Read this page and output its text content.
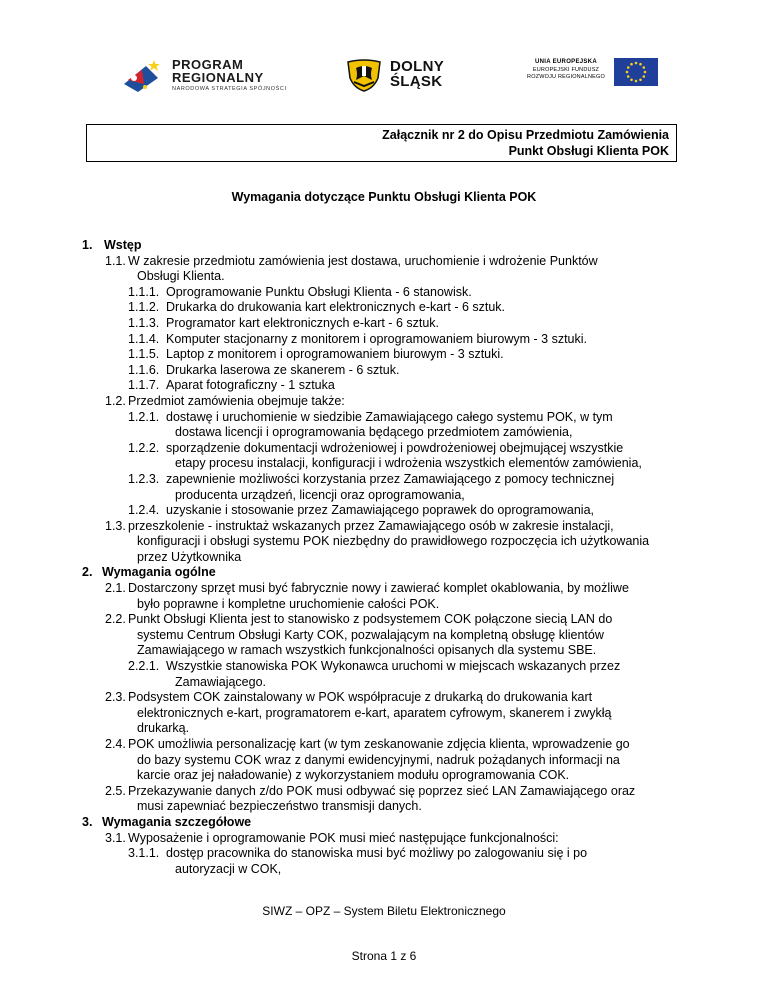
PROGRAM
REGIONALNY
NARODOWA STRATEGIA SPÓJNOŚCI
DOLNY
ŚLĄSK
UNIA EUROPEJSKA
EUROPEJSKI FUNDUSZ
ROZWOJU REGIONALNEGO
Załącznik nr 2 do Opisu Przedmiotu Zamówienia
Punkt Obsługi Klienta POK
Wymagania dotyczące Punktu Obsługi Klienta POK
1. Wstęp
1.1. W zakresie przedmiotu zamówienia jest dostawa, uruchomienie i wdrożenie Punktów
Obsługi Klienta.
1.1.1. Oprogramowanie Punktu Obsługi Klienta - 6 stanowisk.
1.1.2. Drukarka do drukowania kart elektronicznych e-kart - 6 sztuk.
1.1.3. Programator kart elektronicznych e-kart - 6 sztuk.
1.1.4. Komputer stacjonarny z monitorem i oprogramowaniem biurowym - 3 sztuki.
1.1.5. Laptop z monitorem i oprogramowaniem biurowym - 3 sztuki.
1.1.6. Drukarka laserowa ze skanerem - 6 sztuk.
1.1.7. Aparat fotograficzny - 1 sztuka
1.2. Przedmiot zamówienia obejmuje także:
1.2.1. dostawę i uruchomienie w siedzibie Zamawiającego całego systemu POK, w tym
dostawa licencji i oprogramowania będącego przedmiotem zamówienia,
1.2.2. sporządzenie dokumentacji wdrożeniowej i powdrożeniowej obejmującej wszystkie
etapy procesu instalacji, konfiguracji i wdrożenia wszystkich elementów zamówienia,
1.2.3. zapewnienie możliwości korzystania przez Zamawiającego z pomocy technicznej
producenta urządzeń, licencji oraz oprogramowania,
1.2.4. uzyskanie i stosowanie przez Zamawiającego poprawek do oprogramowania,
1.3. przeszkolenie - instruktaż wskazanych przez Zamawiającego osób w zakresie instalacji,
konfiguracji i obsługi systemu POK niezbędny do prawidłowego rozpoczęcia ich użytkowania
przez Użytkownika
2. Wymagania ogólne
2.1. Dostarczony sprzęt musi być fabrycznie nowy i zawierać komplet okablowania, by możliwe
było poprawne i kompletne uruchomienie całości POK.
2.2. Punkt Obsługi Klienta jest to stanowisko z podsystemem COK połączone siecią LAN do
systemu Centrum Obsługi Karty COK, pozwalającym na kompletną obsługę klientów
Zamawiającego w ramach wszystkich funkcjonalności opisanych dla systemu SBE.
2.2.1. Wszystkie stanowiska POK Wykonawca uruchomi w miejscach wskazanych przez
Zamawiającego.
2.3. Podsystem COK zainstalowany w POK współpracuje z drukarką do drukowania kart
elektronicznych e-kart, programatorem e-kart, aparatem cyfrowym, skanerem i zwykłą
drukarką.
2.4. POK umożliwia personalizację kart (w tym zeskanowanie zdjęcia klienta, wprowadzenie go
do bazy systemu COK wraz z danymi ewidencyjnymi, nadruk pożądanych informacji na
karcie oraz jej naładowanie) z wykorzystaniem modułu oprogramowania COK.
2.5. Przekazywanie danych z/do POK musi odbywać się poprzez sieć LAN Zamawiającego oraz
musi zapewniać bezpieczeństwo transmisji danych.
3. Wymagania szczegółowe
3.1. Wyposażenie i oprogramowanie POK musi mieć następujące funkcjonalności:
3.1.1. dostęp pracownika do stanowiska musi być możliwy po zalogowaniu się i po
autoryzacji w COK,
SIWZ – OPZ – System Biletu Elektronicznego
Strona 1 z 6
